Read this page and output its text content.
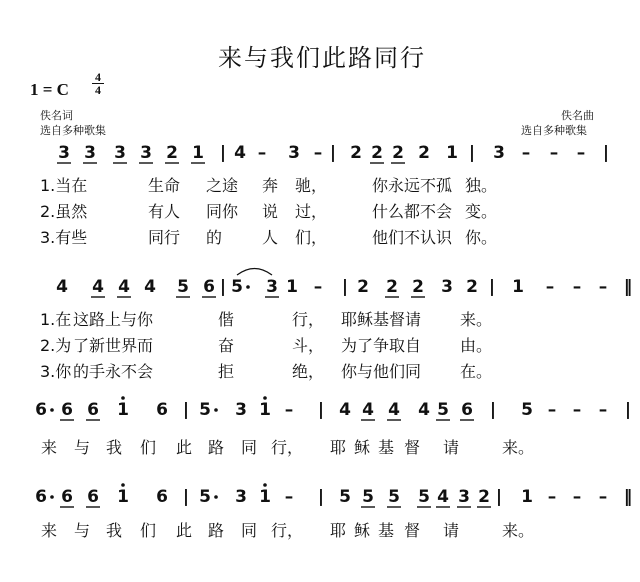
来与我们此路同行
1 = C
4
4
佚名词
选自多种歌集
佚名曲
选自多种歌集
3 3 3 3 2 1 | 4 – 3 – | 2 2 2 2 1 | 3 – – – |
1.当在	生命 之途 奔 驰，	你永远不孤 独。
2.虽然	有人 同你 说 过，	什么都不会 变。
3.有些	同行 的 人 们，	他们不认识 你。
4 4 4 4 5 6 | 5 3 1 – | 2 2 2 3 2 | 1 – – – ‖
1.在 这路上与你	偕	行， 耶稣基督请 来。
2.为 了新世界而	奋	斗， 为了争取自 由。
3.你 的手永不会	拒	绝， 你与他们同 在。
6 6 6 1 6 | 5 3 1 – | 4 4 4 4 5 6 | 5 – – – |
来 与 我 们 此 路 同 行， 耶 稣 基 督 请	来。
6 6 6 1 6 | 5 3 1 – | 5 5 5 5 4 3 2 | 1 – – – ‖
来 与 我 们 此 路 同 行， 耶 稣 基 督 请	来。
